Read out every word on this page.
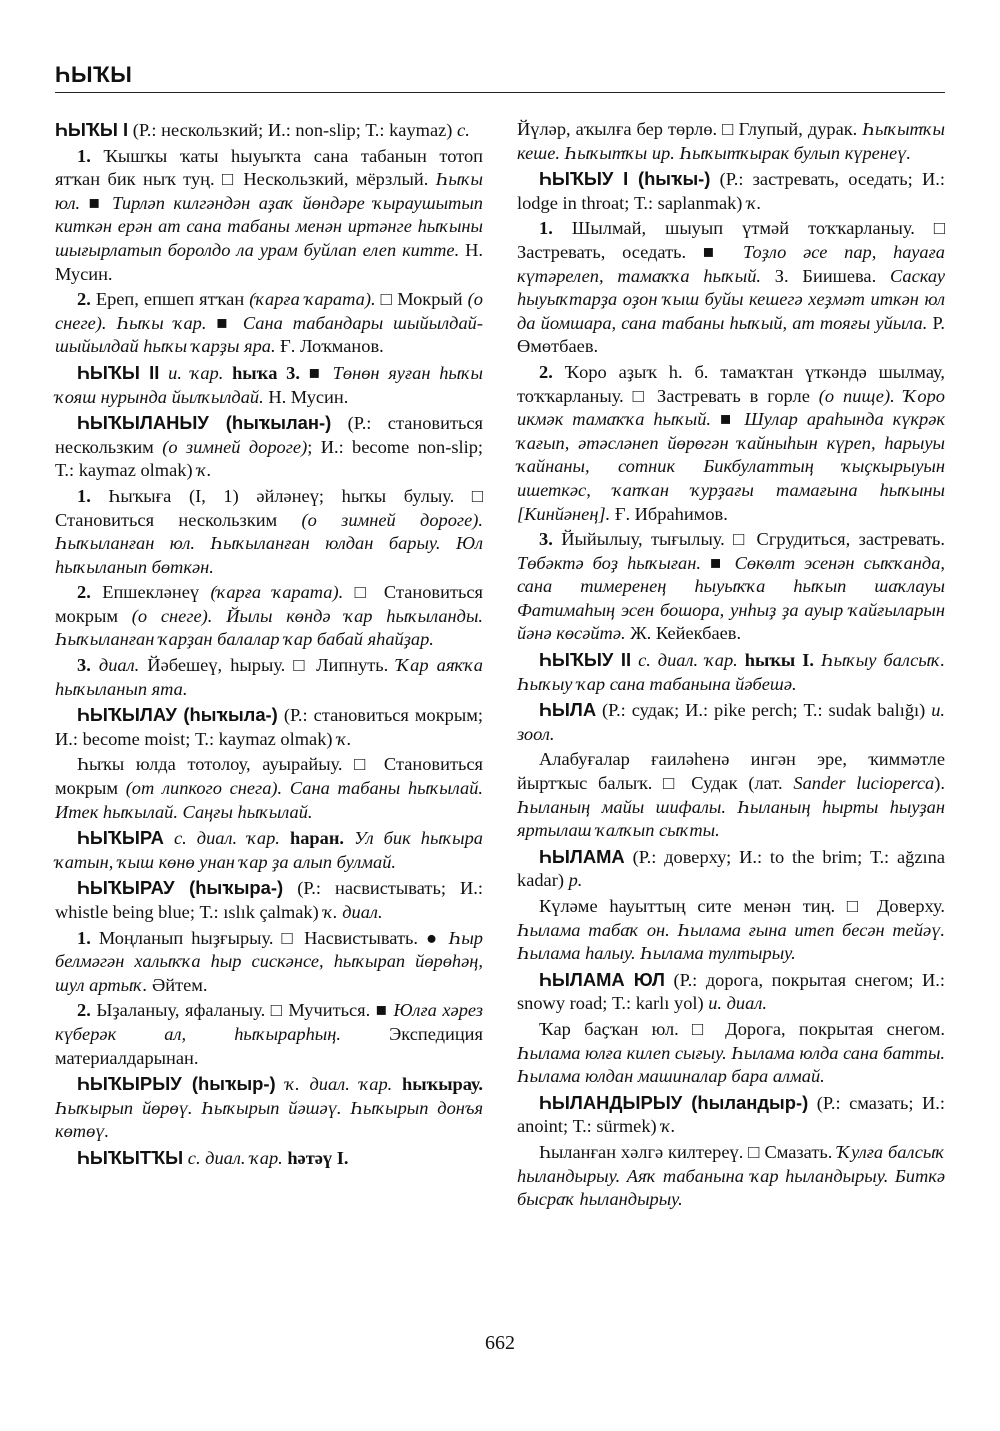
ҺЫҠЫ

ҺЫҠЫ I (Р.: нескользкий; И.: non-slip; Т.: kaymaz) с.

1. Ҡышҡы ҡаты һыуыҡта сана табанын тотоп ятҡан бик ныҡ туң. □ Нескользкий, мёрзлый. Һыҡы юл. ■ Тирләп килгәндән аҙаҡ йөндәре ҡыраушытып киткән ерән ат сана табаны менән иртәнге һыҡыны шығырлатып боролдо ла урам буйлап елеп китте. Н. Мусин.

2. Ереп, епшеп ятҡан (ҡарға ҡарата). □ Мокрый (о снеге). Һыҡы ҡар. ■ Сана табандары шыйылдай-шыйылдай һыҡы ҡарҙы яра. Ғ. Лоҡманов.

ҺЫҠЫ II и. ҡар. һыҡа 3. ■ Төнөн яуған һыҡы ҡояш нурында йылҡылдай. Н. Мусин.

ҺЫҠЫЛАНЫУ (һыҡылан-) (Р.: становиться нескользким (о зимней дороге); И.: become non-slip; Т.: kaymaz olmak) ҡ.

1. Һыҡыға (I, 1) әйләнеү; һыҡы булыу. □ Становиться нескользким (о зимней дороге). Һыҡыланған юл. Һыҡыланған юлдан барыу. Юл һыҡыланып бөткән.

2. Епшекләнеү (ҡарға ҡарата). □ Становиться мокрым (о снеге). Йылы көндә ҡар һыҡыланды. Һыҡыланған ҡарҙан балалар ҡар бабай яһайҙар.

3. диал. Йәбешеү, һырыу. □ Липнуть. Ҡар аяҡҡа һыҡыланып ята.

ҺЫҠЫЛАУ (һыҡыла-) (Р.: становиться мокрым; И.: become moist; Т.: kaymaz olmak) ҡ.

Һыҡы юлда тотолоу, ауырайыу. □ Становиться мокрым (от липкого снега). Сана табаны һыҡылай. Итек һыҡылай. Саңғы һыҡылай.

ҺЫҠЫРА с. диал. ҡар. һаран. Ул бик һыҡыра ҡатын, ҡыш көнө унан ҡар ҙа алып булмай.

ҺЫҠЫРАУ (һыҡыра-) (Р.: насвистывать; И.: whistle being blue; Т.: ıslık çalmak) ҡ. диал.

1. Моңланып һыҙғырыу. □ Насвистывать. ● Һыр белмәгән халыҡҡа һыр сискәнсе, һыҡырап йөрөһәң, шул артыҡ. Әйтем.

2. Ыҙаланыу, яфаланыу. □ Мучиться. ■ Юлға хәрез күберәк ал, һыҡырарһың. Экспедиция материалдарынан.

ҺЫҠЫРЫУ (һыҡыр-) ҡ. диал. ҡар. һыҡырау. Һыҡырып йөрөү. Һыҡырып йәшәү. Һыҡырып донъя көтөү.

ҺЫҠЫТҠЫ с. диал. ҡар. һәтәү I.

Йүләр, аҡылға бер төрлө. □ Глупый, дурак. Һыҡытҡы кеше. Һыҡытҡы ир. Һыҡытҡырак булып күренеү.

ҺЫҠЫУ I (һыҡы-) (Р.: застревать, оседать; И.: lodge in throat; Т.: saplanmak) ҡ.

1. Шылмай, шыуып үтмәй тоҡҡарланыу. □ Застревать, оседать. ■ Тоҙло әсе пар, һауаға күтәрелеп, тамаҡҡа һыҡый. З. Биишева. Саскау һыуыҡтарҙа оҙон ҡыш буйы кешегә хеҙмәт иткән юл да йомшара, сана табаны һыҡый, ат тояғы уйыла. Р. Өмөтбаев.

2. Ҡоро аҙыҡ һ. б. тамаҡтан үткәндә шылмау, тоҡҡарланыу. □ Застревать в горле (о пище). Ҡоро икмәк тамаҡҡа һыҡый. ■ Шулар араһында күкрәк ҡағып, әтәсләнеп йөрөгән ҡайныһын күреп, һарыуы ҡайнаны, сотник Бикбулаттың ҡыҫкырыуын ишеткәс, ҡапҡан ҡурҙағы тамағына һыҡыны [Кинйәнең]. Ғ. Ибраһимов.

3. Йыйылыу, тығылыу. □ Сгрудиться, застревать. Төбәктә боҙ һыҡыған. ■ Сөкөлт эсенән сыҡҡанда, сана тимеренең һыуыҡҡа һыҡып шаҡлауы Фатимаһың эсен бошора, унһыҙ ҙа ауыр ҡайғыларын йәнә көсәйтә. Ж. Кейекбаев.

ҺЫҠЫУ II с. диал. ҡар. һыҡы I. Һыҡыу балсыҡ. Һыҡыу ҡар сана табанына йәбешә.

ҺЫЛА (Р.: судак; И.: pike perch; Т.: sudak balığı) и. зоол.

Алабуғалар ғаиләһенә ингән эре, ҡиммәтле йыртҡыс балыҡ. □ Судак (лат. Sander lucioperca). Һыланың майы шифалы. Һыланың һырты һыуҙан яртылаш ҡалҡып сыҡты.

ҺЫЛАМА (Р.: доверху; И.: to the brim; Т.: ağzına kadar) р.

Күләме һауыттың сите менән тиң. □ Доверху. Һылама табаҡ он. Һылама ғына итеп бесән тейәү. Һылама һалыу. Һылама тултырыу.

ҺЫЛАМА ЮЛ (Р.: дорога, покрытая снегом; И.: snowy road; Т.: karlı yol) и. диал.

Ҡар баҫҡан юл. □ Дорога, покрытая снегом. Һылама юлға килеп сығыу. Һылама юлда сана батты. Һылама юлдан машиналар бара алмай.

ҺЫЛАНДЫРЫУ (һыландыр-) (Р.: смазать; И.: anoint; Т.: sürmek) ҡ.

Һыланған хәлгә килтереү. □ Смазать. Ҡулға балсыҡ һыландырыу. Аяҡ табанына ҡар һыландырыу. Биткә бысраҡ һыландырыу.

662
